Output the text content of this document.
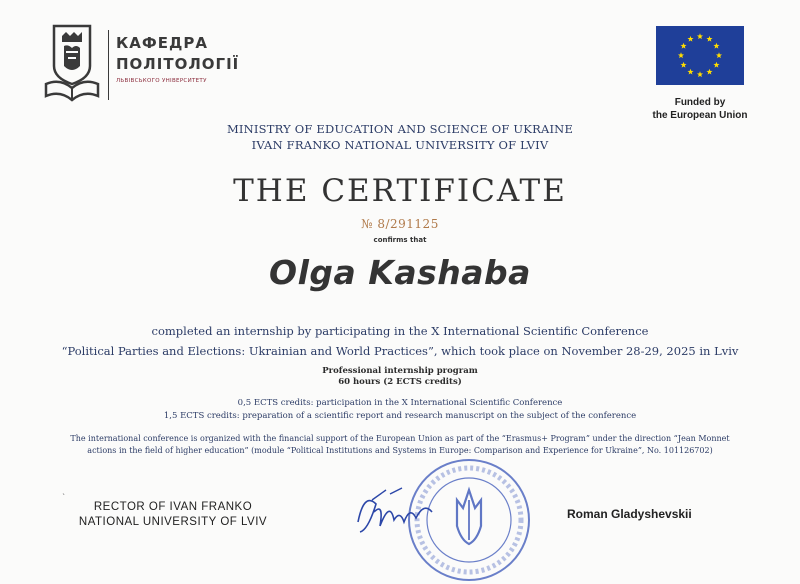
КАФЕДРА
ПОЛІТОЛОГІЇ
ЛЬВІВСЬКОГО УНІВЕРСИТЕТУ
Funded by
the European Union
MINISTRY OF EDUCATION AND SCIENCE OF UKRAINE
IVAN FRANKO NATIONAL UNIVERSITY OF LVIV
THE CERTIFICATE
№ 8/291125
confirms that
Olga Kashaba
completed an internship by participating in the X International Scientific Conference
“Political Parties and Elections: Ukrainian and World Practices”, which took place on November 28-29, 2025 in Lviv
Professional internship program
60 hours (2 ECTS credits)
0,5 ECTS credits: participation in the X International Scientific Conference
1,5 ECTS credits: preparation of a scientific report and research manuscript on the subject of the conference
The international conference is organized with the financial support of the European Union as part of the “Erasmus+ Program” under the direction “Jean Monnet
actions in the field of higher education” (module “Political Institutions and Systems in Europe: Comparison and Experience for Ukraine”, No. 101126702)
`
RECTOR OF IVAN FRANKO
NATIONAL UNIVERSITY OF LVIV
Roman Gladyshevskii
